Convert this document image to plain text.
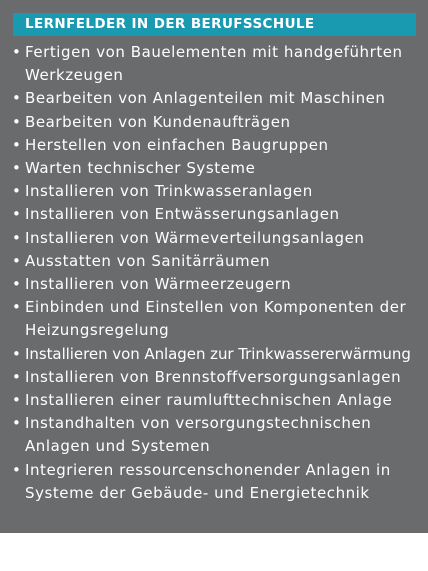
LERNFELDER IN DER BERUFSSCHULE
• Fertigen von Bauelementen mit handgeführten
Werkzeugen
• Bearbeiten von Anlagenteilen mit Maschinen
• Bearbeiten von Kundenaufträgen
• Herstellen von einfachen Baugruppen
• Warten technischer Systeme
• Installieren von Trinkwasseranlagen
• Installieren von Entwässerungsanlagen
• Installieren von Wärmeverteilungsanlagen
• Ausstatten von Sanitärräumen
• Installieren von Wärmeerzeugern
• Einbinden und Einstellen von Komponenten der
Heizungsregelung
• Installieren von Anlagen zur Trinkwassererwärmung
• Installieren von Brennstoffversorgungsanlagen
• Installieren einer raumlufttechnischen Anlage
• Instandhalten von versorgungstechnischen
Anlagen und Systemen
• Integrieren ressourcenschonender Anlagen in
Systeme der Gebäude- und Energietechnik
